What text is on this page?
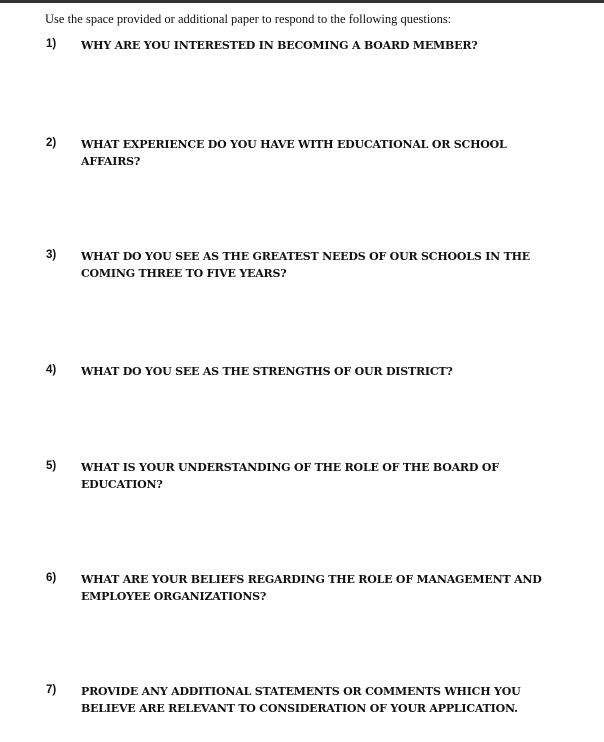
Use the space provided or additional paper to respond to the following questions:
1) WHY ARE YOU INTERESTED IN BECOMING A BOARD MEMBER?
2) WHAT EXPERIENCE DO YOU HAVE WITH EDUCATIONAL OR SCHOOL AFFAIRS?
3) WHAT DO YOU SEE AS THE GREATEST NEEDS OF OUR SCHOOLS IN THE COMING THREE TO FIVE YEARS?
4) WHAT DO YOU SEE AS THE STRENGTHS OF OUR DISTRICT?
5) WHAT IS YOUR UNDERSTANDING OF THE ROLE OF THE BOARD OF EDUCATION?
6) WHAT ARE YOUR BELIEFS REGARDING THE ROLE OF MANAGEMENT AND EMPLOYEE ORGANIZATIONS?
7) PROVIDE ANY ADDITIONAL STATEMENTS OR COMMENTS WHICH YOU BELIEVE ARE RELEVANT TO CONSIDERATION OF YOUR APPLICATION.
